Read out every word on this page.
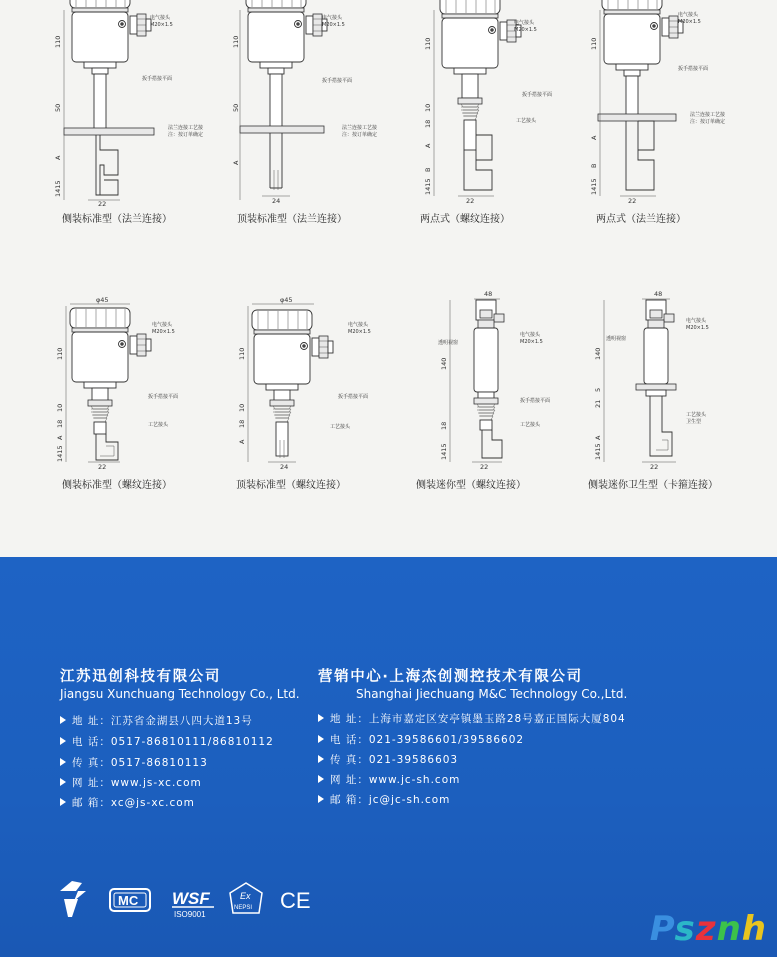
110
50
A
1415
22
电气接头
M20×1.5
扳手搭接平面
法兰连接工艺接
注：按订单确定
侧装标准型（法兰连接）
110
50
A
24
电气接头
M20×1.5
扳手搭接平面
法兰连接工艺接
注：按订单确定
顶装标准型（法兰连接）
110
10
18
A
B
1415
22
电气接头
M20×1.5
扳手搭接平面
工艺接头
两点式（螺纹连接）
110
A
B
1415
22
电气接头
M20×1.5
扳手搭接平面
法兰连接工艺接
注：按订单确定
两点式（法兰连接）
φ45
110
10
18
A
1415
22
电气接头
M20×1.5
扳手搭接平面
工艺接头
侧装标准型（螺纹连接）
φ45
110
10
18
A
24
电气接头
M20×1.5
扳手搭接平面
工艺接头
顶装标准型（螺纹连接）
48
140
18
1415
22
透明视窗
电气接头
M20×1.5
扳手搭接平面
工艺接头
侧装迷你型（螺纹连接）
48
140
5
21
A
1415
22
透明视窗
电气接头
M20×1.5
工艺接头
卫生型
侧装迷你卫生型（卡箍连接）
江苏迅创科技有限公司
Jiangsu Xunchuang Technology Co., Ltd.
地 址：江苏省金湖县八四大道13号
电 话：0517-86810111/86810112
传 真：0517-86810113
网 址：www.js-xc.com
邮 箱：xc@js-xc.com
营销中心·上海杰创测控技术有限公司
Shanghai Jiechuang M&C Technology Co.,Ltd.
地 址：上海市嘉定区安亭镇墨玉路28号嘉正国际大厦804
电 话：021-39586601/39586602
传 真：021-39586603
网 址：www.jc-sh.com
邮 箱：jc@jc-sh.com
MC WSF
ISO9001
Ex
NEPSI CE
Psznh
